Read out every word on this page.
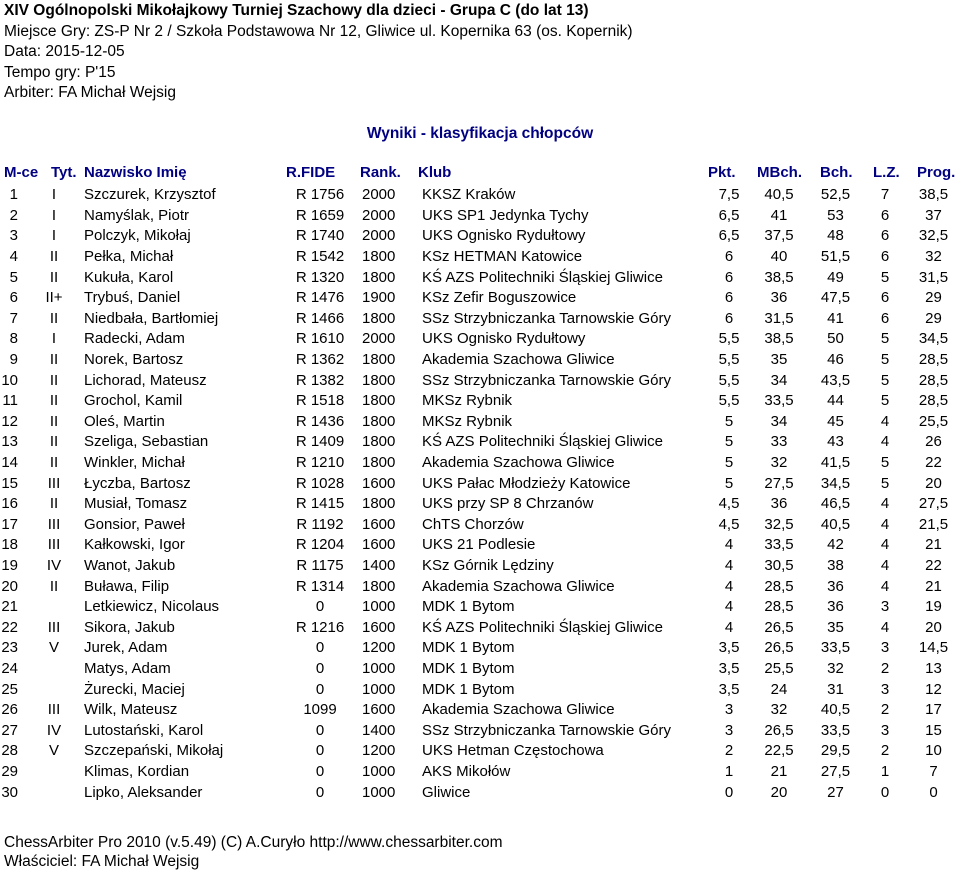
XIV Ogólnopolski Mikołajkowy Turniej Szachowy dla dzieci - Grupa C (do lat 13)
Miejsce Gry: ZS-P Nr 2 / Szkoła Podstawowa Nr 12, Gliwice ul. Kopernika 63 (os. Kopernik)
Data: 2015-12-05
Tempo gry: P'15
Arbiter: FA Michał Wejsig
Wyniki - klasyfikacja chłopców
M-ce Tyt. Nazwisko Imię	R.FIDE Rank. Klub	Pkt. MBch. Bch. L.Z. Prog.
1	I	Szczurek, Krzysztof	R 1756	2000	KKSZ Kraków	7,5	40,5	52,5	7	38,5
2	I	Namyślak, Piotr	R 1659	2000	UKS SP1 Jedynka Tychy	6,5	41	53	6	37
3	I	Polczyk, Mikołaj	R 1740	2000	UKS Ognisko Rydułtowy	6,5	37,5	48	6	32,5
4	II	Pełka, Michał	R 1542	1800	KSz HETMAN Katowice	6	40	51,5	6	32
5	II	Kukuła, Karol	R 1320	1800	KŚ AZS Politechniki Śląskiej Gliwice	6	38,5	49	5	31,5
6	II+	Trybuś, Daniel	R 1476	1900	KSz Zefir Boguszowice	6	36	47,5	6	29
7	II	Niedbała, Bartłomiej	R 1466	1800	SSz Strzybniczanka Tarnowskie Góry	6	31,5	41	6	29
8	I	Radecki, Adam	R 1610	2000	UKS Ognisko Rydułtowy	5,5	38,5	50	5	34,5
9	II	Norek, Bartosz	R 1362	1800	Akademia Szachowa Gliwice	5,5	35	46	5	28,5
10	II	Lichorad, Mateusz	R 1382	1800	SSz Strzybniczanka Tarnowskie Góry	5,5	34	43,5	5	28,5
11	II	Grochol, Kamil	R 1518	1800	MKSz Rybnik	5,5	33,5	44	5	28,5
12	II	Oleś, Martin	R 1436	1800	MKSz Rybnik	5	34	45	4	25,5
13	II	Szeliga, Sebastian	R 1409	1800	KŚ AZS Politechniki Śląskiej Gliwice	5	33	43	4	26
14	II	Winkler, Michał	R 1210	1800	Akademia Szachowa Gliwice	5	32	41,5	5	22
15	III	Łyczba, Bartosz	R 1028	1600	UKS Pałac Młodzieży Katowice	5	27,5	34,5	5	20
16	II	Musiał, Tomasz	R 1415	1800	UKS przy SP 8 Chrzanów	4,5	36	46,5	4	27,5
17	III	Gonsior, Paweł	R 1192	1600	ChTS Chorzów	4,5	32,5	40,5	4	21,5
18	III	Kałkowski, Igor	R 1204	1600	UKS 21 Podlesie	4	33,5	42	4	21
19	IV	Wanot, Jakub	R 1175	1400	KSz Górnik Lędziny	4	30,5	38	4	22
20	II	Buława, Filip	R 1314	1800	Akademia Szachowa Gliwice	4	28,5	36	4	21
21		Letkiewicz, Nicolaus	0	1000	MDK 1 Bytom	4	28,5	36	3	19
22	III	Sikora, Jakub	R 1216	1600	KŚ AZS Politechniki Śląskiej Gliwice	4	26,5	35	4	20
23	V	Jurek, Adam	0	1200	MDK 1 Bytom	3,5	26,5	33,5	3	14,5
24		Matys, Adam	0	1000	MDK 1 Bytom	3,5	25,5	32	2	13
25		Żurecki, Maciej	0	1000	MDK 1 Bytom	3,5	24	31	3	12
26	III	Wilk, Mateusz	1099	1600	Akademia Szachowa Gliwice	3	32	40,5	2	17
27	IV	Lutostański, Karol	0	1400	SSz Strzybniczanka Tarnowskie Góry	3	26,5	33,5	3	15
28	V	Szczepański, Mikołaj	0	1200	UKS Hetman Częstochowa	2	22,5	29,5	2	10
29		Klimas, Kordian	0	1000	AKS Mikołów	1	21	27,5	1	7
30		Lipko, Aleksander	0	1000	Gliwice	0	20	27	0	0
ChessArbiter Pro 2010 (v.5.49) (C) A.Curyło http://www.chessarbiter.com
Właściciel: FA Michał Wejsig
